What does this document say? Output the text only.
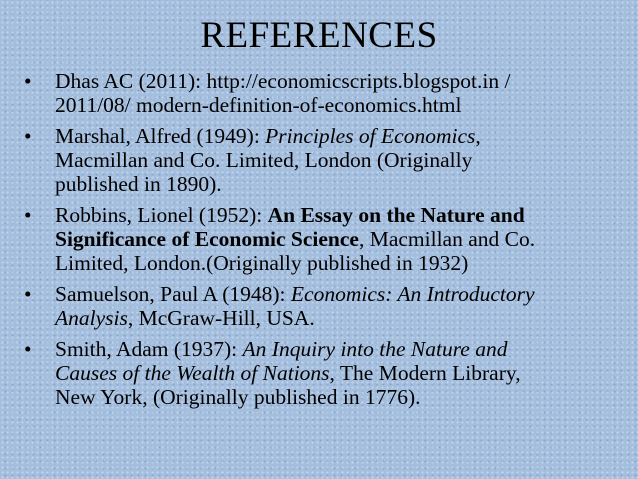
REFERENCES
• Dhas AC (2011): http://economicscripts.blogspot.in /
2011/08/ modern-definition-of-economics.html
• Marshal, Alfred (1949): Principles of Economics,
Macmillan and Co. Limited, London (Originally
published in 1890).
• Robbins, Lionel (1952): An Essay on the Nature and
Significance of Economic Science, Macmillan and Co.
Limited, London.(Originally published in 1932)
• Samuelson, Paul A (1948): Economics: An Introductory
Analysis, McGraw-Hill, USA.
• Smith, Adam (1937): An Inquiry into the Nature and
Causes of the Wealth of Nations, The Modern Library,
New York, (Originally published in 1776).
